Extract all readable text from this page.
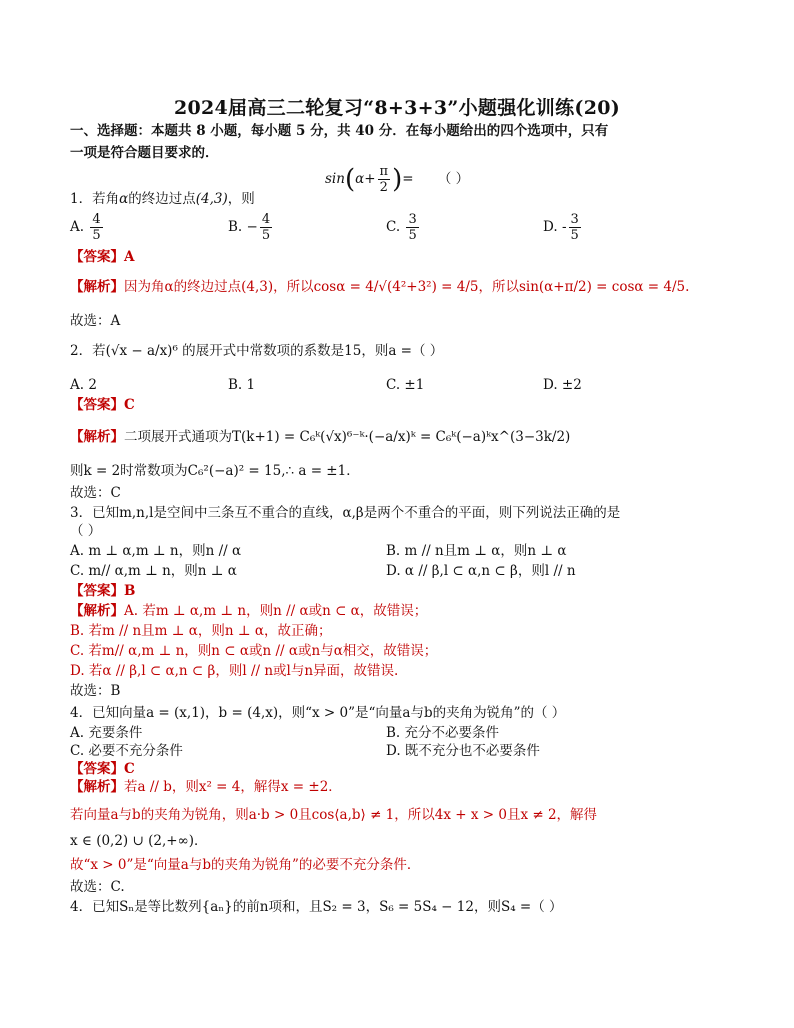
2024届高三二轮复习“8+3+3”小题强化训练(20)
一、选择题：本题共 8 小题，每小题 5 分，共 40 分．在每小题给出的四个选项中，只有
一项是符合题目要求的．
$\sin(\alpha+ \frac{\pi}{2}$ )= （ ）
1．若角α的终边过点(4,3)，则
A. $\frac{4}{5}$	B. − $\frac{4}{5}$	C. $\frac{3}{5}$	D. - $\frac{3}{5}$
【答案】A
【解析】因为角α的终边过点(4,3)，所以cosα = 4/√(4²+3²) = 4/5，所以sin(α+π/2) = cosα = 4/5.
故选：A
2．若(√x − a/x)⁶ 的展开式中常数项的系数是15，则a =（ ）
A. 2	B. 1	C. ±1	D. ±2
【答案】C
【解析】二项展开式通项为T(k+1) = C₆ᵏ(√x)⁶⁻ᵏ·(−a/x)ᵏ = C₆ᵏ(−a)ᵏx^(3−3k/2)
则k = 2时常数项为C₆²(−a)² = 15,∴ a = ±1．
故选：C
3．已知m,n,l是空间中三条互不重合的直线，α,β是两个不重合的平面，则下列说法正确的是
（ ）
A. m ⊥ α,m ⊥ n，则n // α	B. m // n且m ⊥ α，则n ⊥ α
C. m// α,m ⊥ n，则n ⊥ α	D. α // β,l ⊂ α,n ⊂ β，则l // n
【答案】B
【解析】A. 若m ⊥ α,m ⊥ n，则n // α或n ⊂ α，故错误；
B. 若m // n且m ⊥ α，则n ⊥ α，故正确；
C. 若m// α,m ⊥ n，则n ⊂ α或n // α或n与α相交，故错误；
D. 若α // β,l ⊂ α,n ⊂ β，则l // n或l与n异面，故错误.
故选：B
4．已知向量a = (x,1)，b = (4,x)，则“x > 0”是“向量a与b的夹角为锐角”的（ ）
A. 充要条件	B. 充分不必要条件
C. 必要不充分条件	D. 既不充分也不必要条件
【答案】C
【解析】若a // b，则x² = 4，解得x = ±2．
若向量a与b的夹角为锐角，则a·b > 0且cos⟨a,b⟩ ≠ 1，所以4x + x > 0且x ≠ 2，解得
x ∈ (0,2) ∪ (2,+∞)．
故“x > 0”是“向量a与b的夹角为锐角”的必要不充分条件．
故选：C.
4．已知Sₙ是等比数列{aₙ}的前n项和，且S₂ = 3，S₆ = 5S₄ − 12，则S₄ =（ ）
